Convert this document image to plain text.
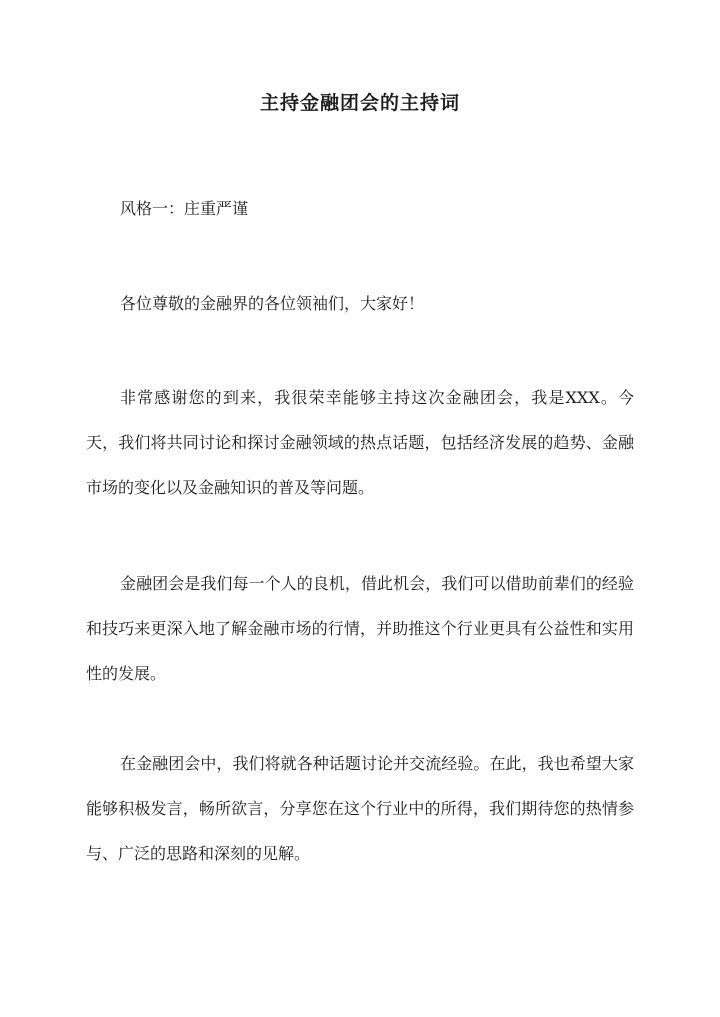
主持金融团会的主持词

风格一：庄重严谨

各位尊敬的金融界的各位领袖们，大家好！

非常感谢您的到来，我很荣幸能够主持这次金融团会，我是XXX。今天，我们将共同讨论和探讨金融领域的热点话题，包括经济发展的趋势、金融市场的变化以及金融知识的普及等问题。

金融团会是我们每一个人的良机，借此机会，我们可以借助前辈们的经验和技巧来更深入地了解金融市场的行情，并助推这个行业更具有公益性和实用性的发展。

在金融团会中，我们将就各种话题讨论并交流经验。在此，我也希望大家能够积极发言，畅所欲言，分享您在这个行业中的所得，我们期待您的热情参与、广泛的思路和深刻的见解。
